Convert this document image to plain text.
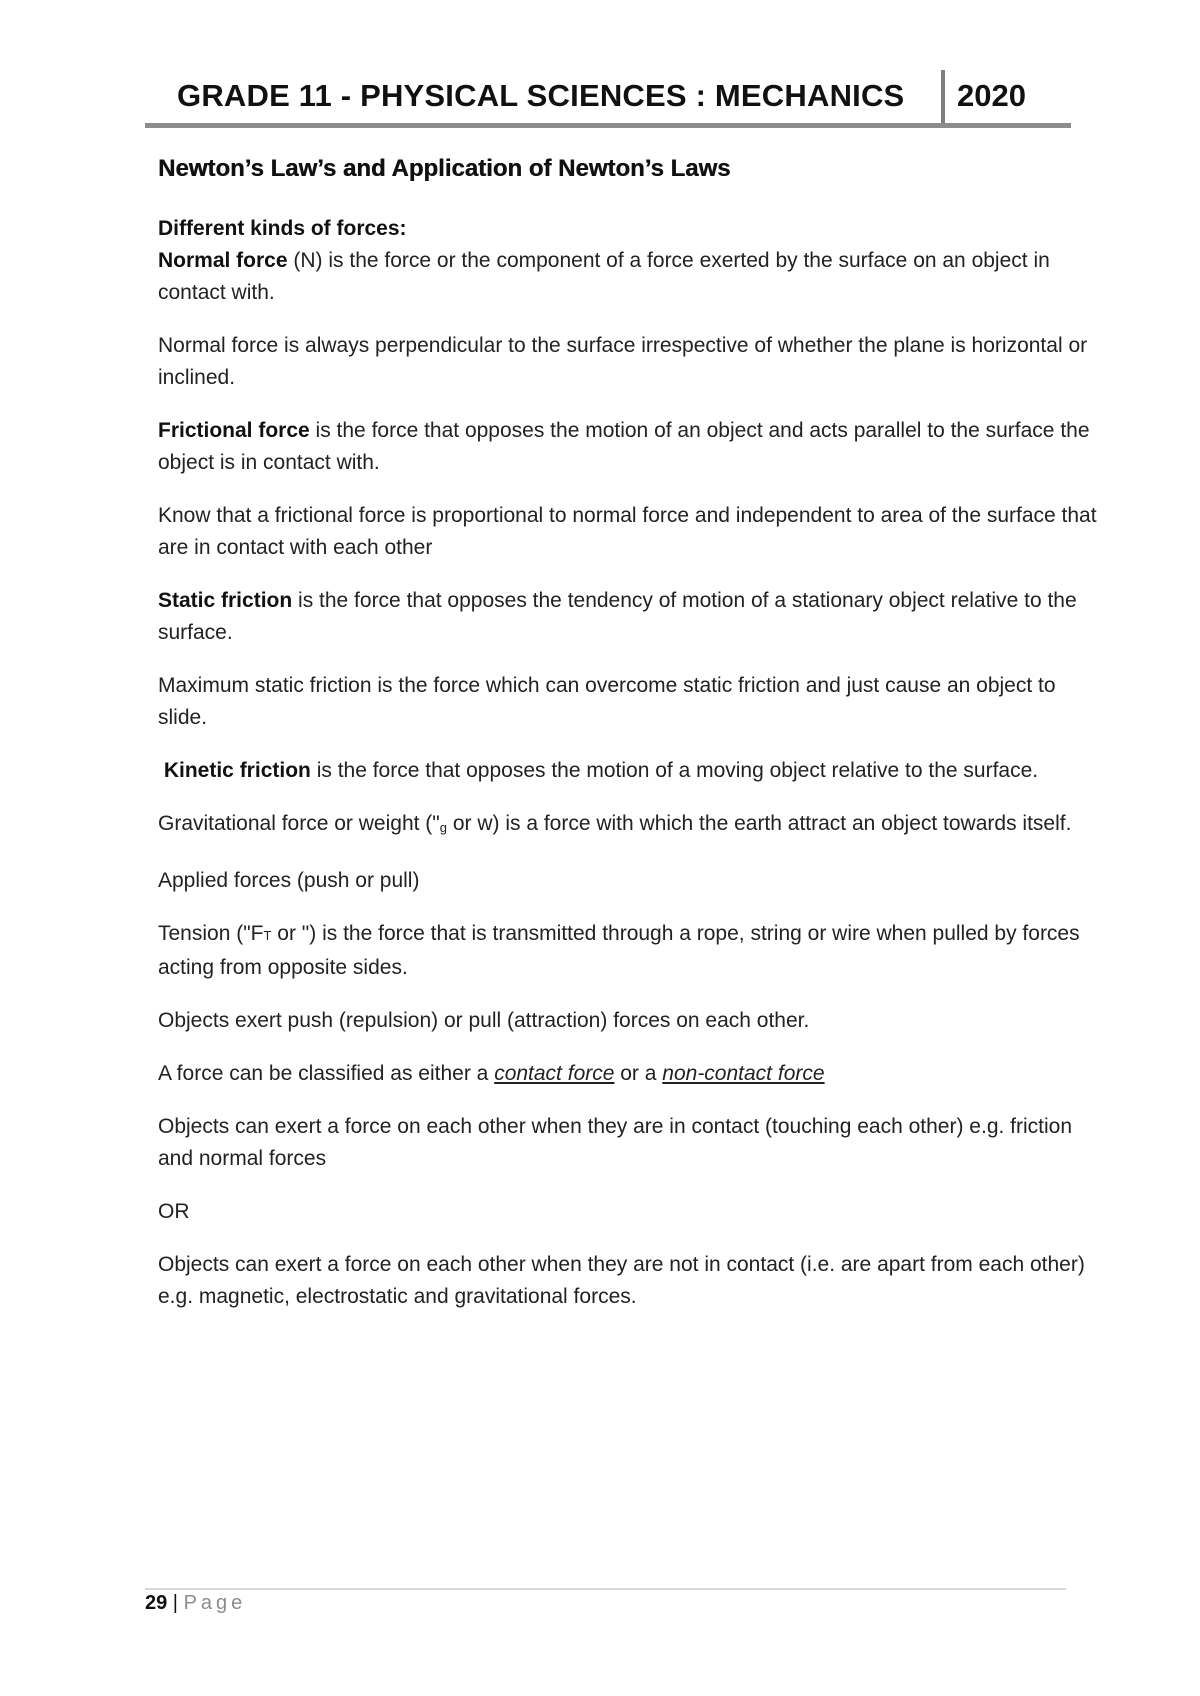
GRADE 11 - PHYSICAL SCIENCES : MECHANICS 2020
Newton’s Law’s and Application of Newton’s Laws
Different kinds of forces:

Normal force (N) is the force or the component of a force exerted by the surface on an object in contact with.

Normal force is always perpendicular to the surface irrespective of whether the plane is horizontal or inclined.

Frictional force is the force that opposes the motion of an object and acts parallel to the surface the object is in contact with.

Know that a frictional force is proportional to normal force and independent to area of the surface that are in contact with each other

Static friction is the force that opposes the tendency of motion of a stationary object relative to the surface.

Maximum static friction is the force which can overcome static friction and just cause an object to slide.

Kinetic friction is the force that opposes the motion of a moving object relative to the surface.

Gravitational force or weight ("g or w) is a force with which the earth attract an object towards itself.

Applied forces (push or pull)

Tension ("FT or ") is the force that is transmitted through a rope, string or wire when pulled by forces acting from opposite sides.

Objects exert push (repulsion) or pull (attraction) forces on each other.

A force can be classified as either a contact force or a non-contact force

Objects can exert a force on each other when they are in contact (touching each other) e.g. friction and normal forces

OR

Objects can exert a force on each other when they are not in contact (i.e. are apart from each other) e.g. magnetic, electrostatic and gravitational forces.

29 | Page
